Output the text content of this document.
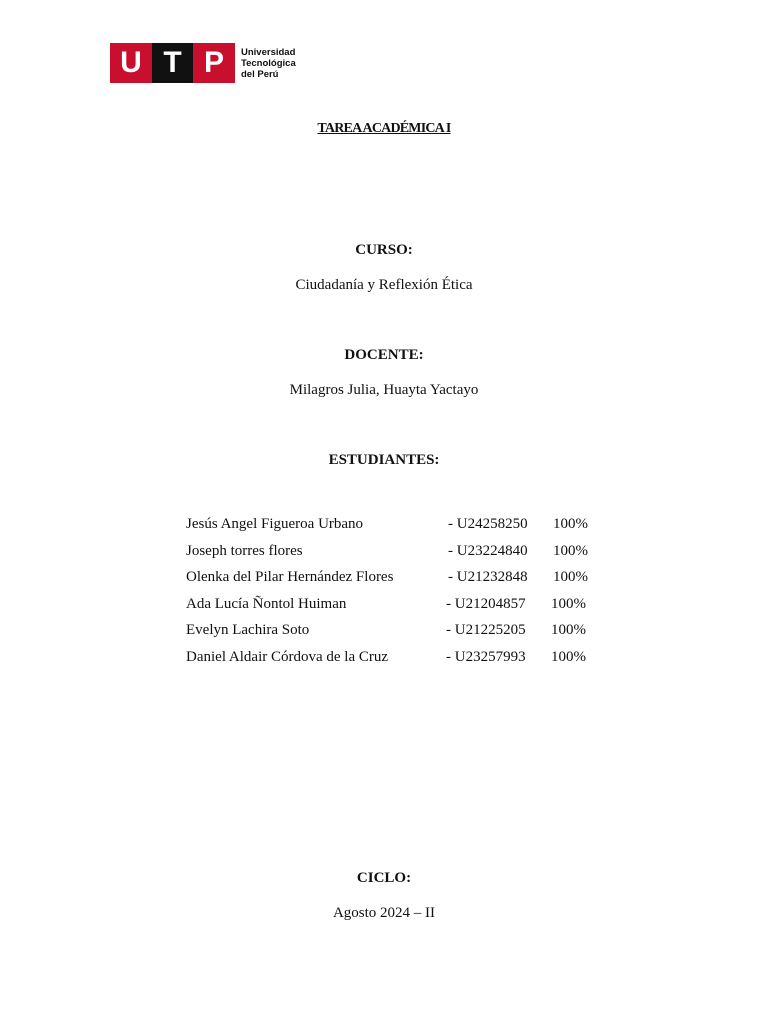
U T P	Universidad
Tecnológica
del Perú
TAREA ACADÉMICA I
CURSO:
Ciudadanía y Reflexión Ética
DOCENTE:
Milagros Julia, Huayta Yactayo
ESTUDIANTES:
Jesús Angel Figueroa Urbano	- U24258250 100%
Joseph torres flores	- U23224840 100%
Olenka del Pilar Hernández Flores	- U21232848 100%
Ada Lucía Ñontol Huiman	- U21204857 100%
Evelyn Lachira Soto	- U21225205 100%
Daniel Aldair Córdova de la Cruz	- U23257993 100%
CICLO:
Agosto 2024 – II
